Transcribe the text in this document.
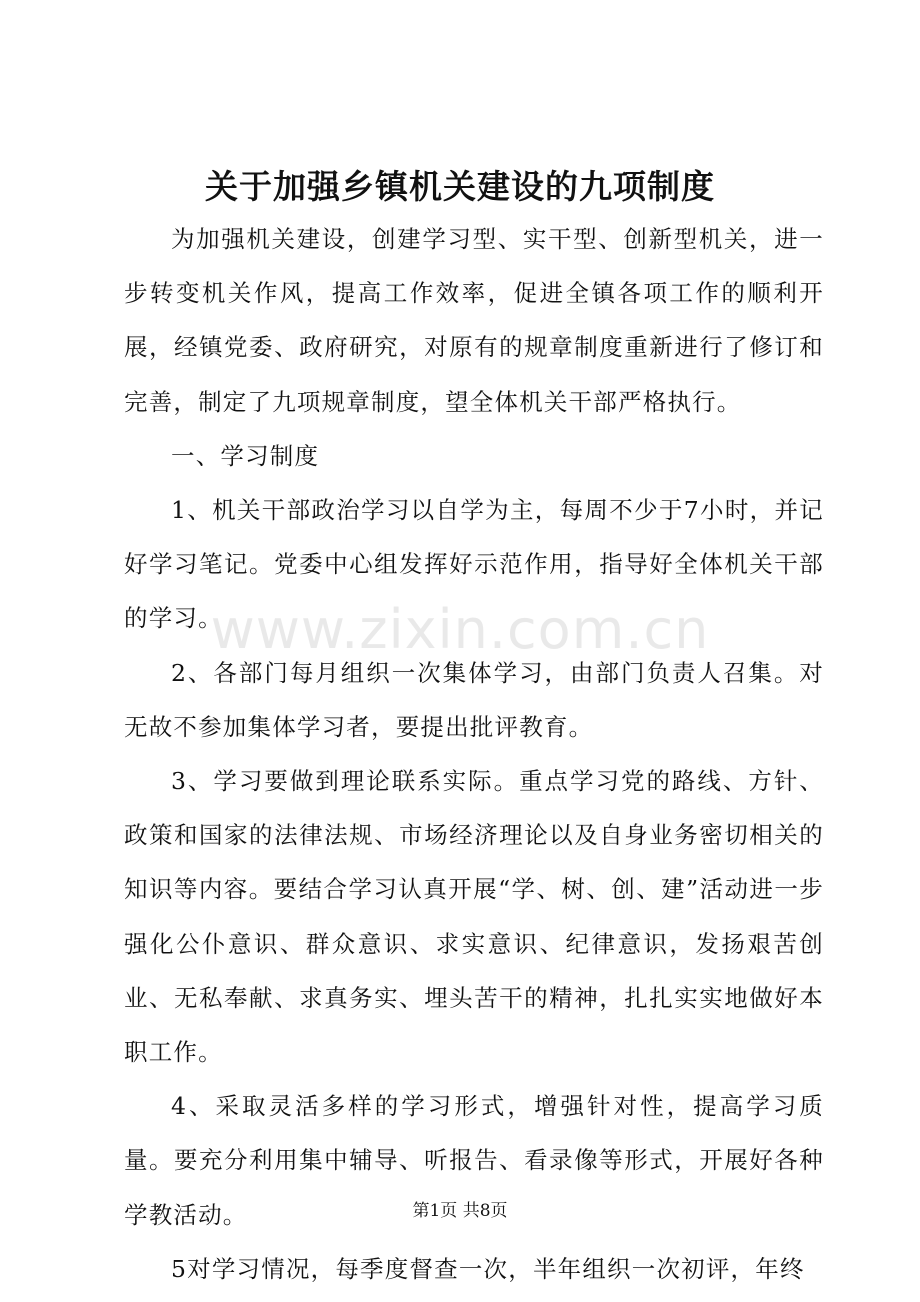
关于加强乡镇机关建设的九项制度

为加强机关建设，创建学习型、实干型、创新型机关，进一步转变机关作风，提高工作效率，促进全镇各项工作的顺利开展，经镇党委、政府研究，对原有的规章制度重新进行了修订和完善，制定了九项规章制度，望全体机关干部严格执行。

一、学习制度

1、机关干部政治学习以自学为主，每周不少于7小时，并记好学习笔记。党委中心组发挥好示范作用，指导好全体机关干部的学习。

2、各部门每月组织一次集体学习，由部门负责人召集。对无故不参加集体学习者，要提出批评教育。

3、学习要做到理论联系实际。重点学习党的路线、方针、政策和国家的法律法规、市场经济理论以及自身业务密切相关的知识等内容。要结合学习认真开展“学、树、创、建”活动进一步强化公仆意识、群众意识、求实意识、纪律意识，发扬艰苦创业、无私奉献、求真务实、埋头苦干的精神，扎扎实实地做好本职工作。

4、采取灵活多样的学习形式，增强针对性，提高学习质量。要充分利用集中辅导、听报告、看录像等形式，开展好各种学教活动。

5对学习情况，每季度督查一次，半年组织一次初评，年终

www.zixin.com.cn
第1页 共8页
